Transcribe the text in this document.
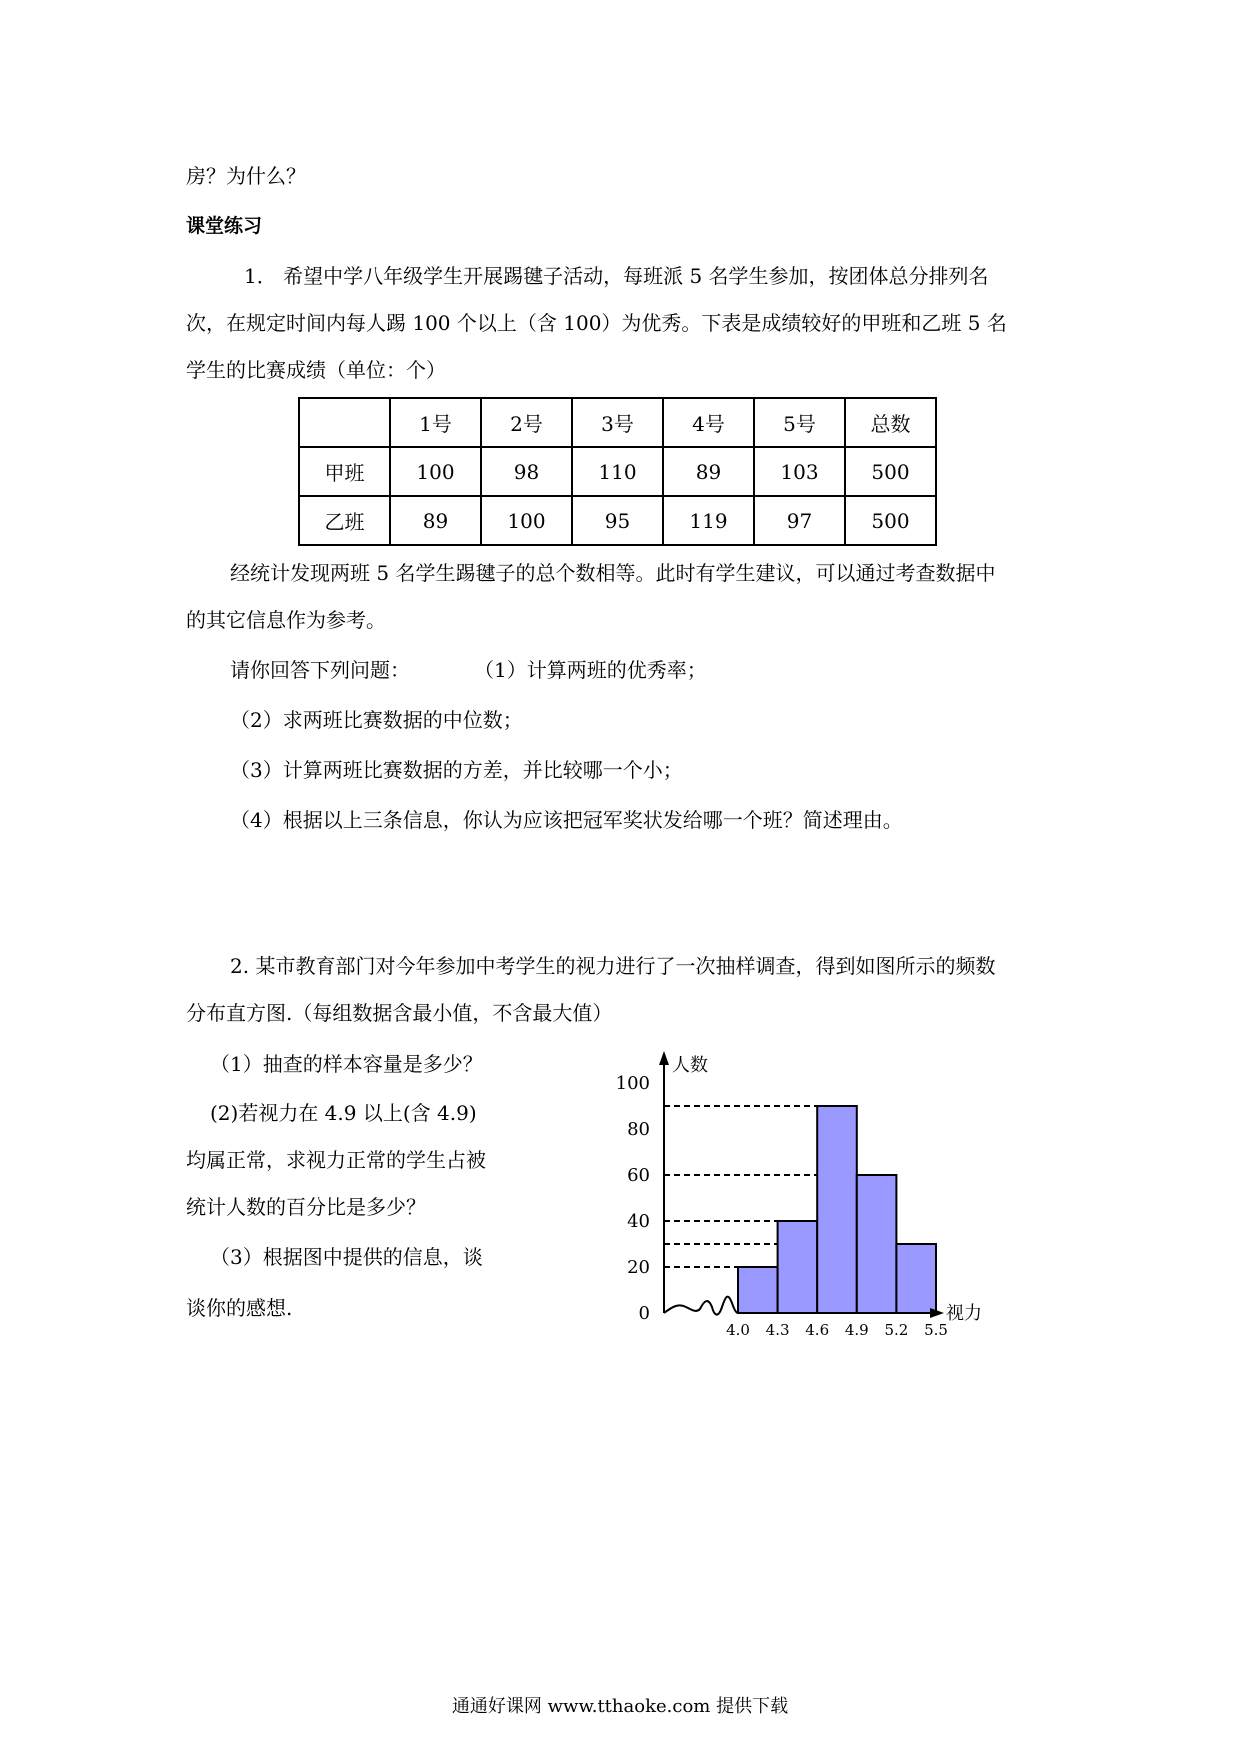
房？为什么？
课堂练习
1． 希望中学八年级学生开展踢毽子活动，每班派 5 名学生参加，按团体总分排列名
次，在规定时间内每人踢 100 个以上（含 100）为优秀。下表是成绩较好的甲班和乙班 5 名
学生的比赛成绩（单位：个）
	1号	2号	3号	4号	5号	总数
甲班	100	98	110	89	103	500
乙班	89	100	95	119	97	500
经统计发现两班 5 名学生踢毽子的总个数相等。此时有学生建议，可以通过考查数据中
的其它信息作为参考。
请你回答下列问题：	（1）计算两班的优秀率；
（2）求两班比赛数据的中位数；
（3）计算两班比赛数据的方差，并比较哪一个小；
（4）根据以上三条信息，你认为应该把冠军奖状发给哪一个班？简述理由。
2. 某市教育部门对今年参加中考学生的视力进行了一次抽样调查，得到如图所示的频数
分布直方图.（每组数据含最小值，不含最大值）
（1）抽查的样本容量是多少？
(2)若视力在 4.9 以上(含 4.9)
均属正常，求视力正常的学生占被
统计人数的百分比是多少？
（3）根据图中提供的信息，谈
谈你的感想.	0
20
40
60
80
100
4.0 4.3 4.6 4.9 5.2 5.5
人数
视力
通通好课网 www.tthaoke.com 提供下载
